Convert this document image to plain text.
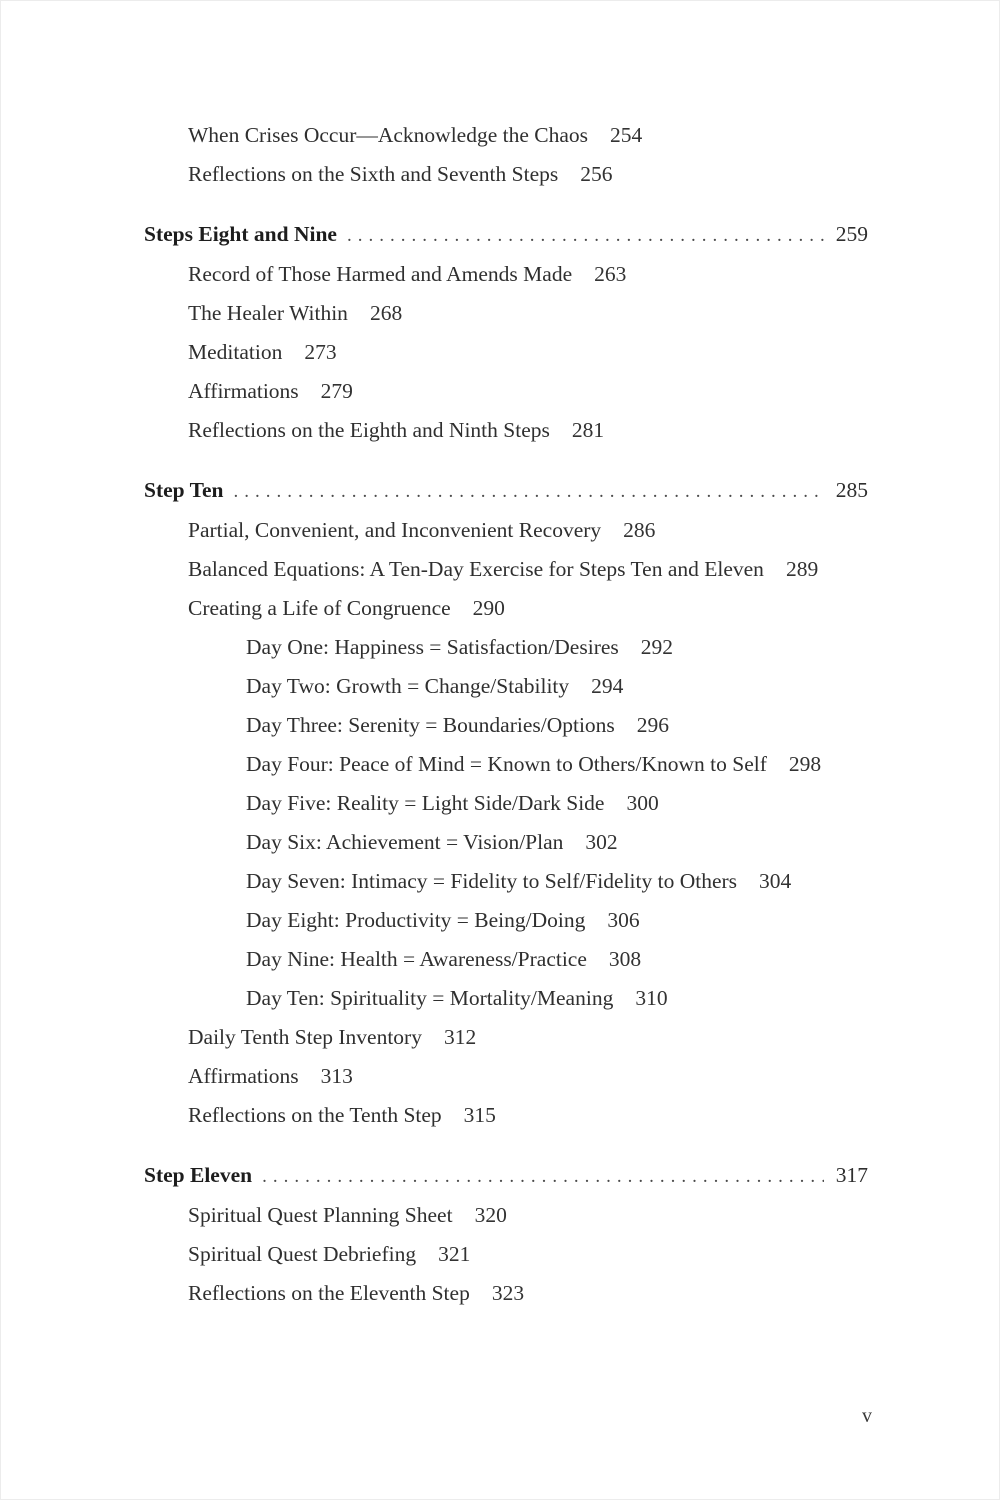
When Crises Occur—Acknowledge the Chaos 254
Reflections on the Sixth and Seventh Steps 256
Steps Eight and Nine .....	259
Record of Those Harmed and Amends Made 263
The Healer Within 268
Meditation 273
Affirmations 279
Reflections on the Eighth and Ninth Steps 281
Step Ten .....	285
Partial, Convenient, and Inconvenient Recovery 286
Balanced Equations: A Ten-Day Exercise for Steps Ten and Eleven 289
Creating a Life of Congruence 290
Day One: Happiness = Satisfaction/Desires 292
Day Two: Growth = Change/Stability 294
Day Three: Serenity = Boundaries/Options 296
Day Four: Peace of Mind = Known to Others/Known to Self 298
Day Five: Reality = Light Side/Dark Side 300
Day Six: Achievement = Vision/Plan 302
Day Seven: Intimacy = Fidelity to Self/Fidelity to Others 304
Day Eight: Productivity = Being/Doing 306
Day Nine: Health = Awareness/Practice 308
Day Ten: Spirituality = Mortality/Meaning 310
Daily Tenth Step Inventory 312
Affirmations 313
Reflections on the Tenth Step 315
Step Eleven .....	317
Spiritual Quest Planning Sheet 320
Spiritual Quest Debriefing 321
Reflections on the Eleventh Step 323
v
